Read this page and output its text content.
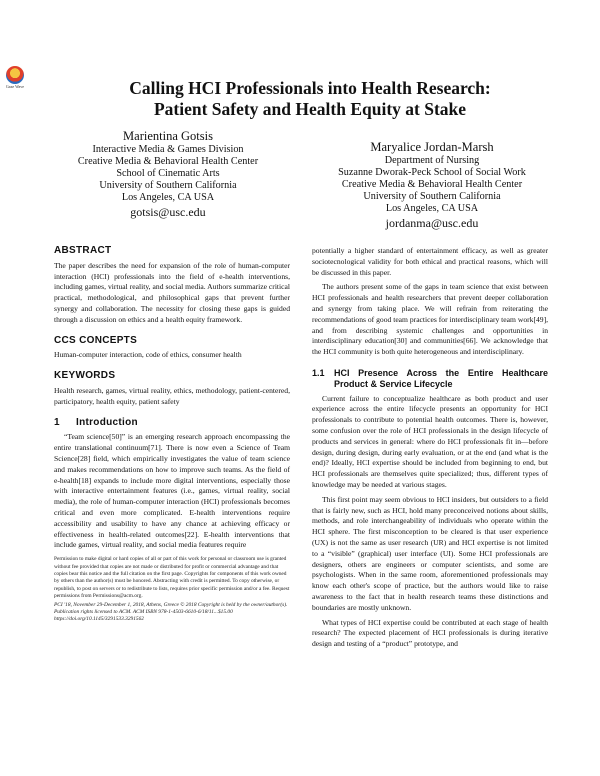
Gaze Wave	Calling HCI Professionals into Health Research:
Patient Safety and Health Equity at Stake
Marientina Gotsis
Interactive Media & Games Division
Creative Media & Behavioral Health Center
School of Cinematic Arts
University of Southern California
Los Angeles, CA USA
gotsis@usc.edu
Maryalice Jordan-Marsh
Department of Nursing
Suzanne Dworak-Peck School of Social Work
Creative Media & Behavioral Health Center
University of Southern California
Los Angeles, CA USA
jordanma@usc.edu
ABSTRACT

The paper describes the need for expansion of the role of human-computer interaction (HCI) professionals into the field of e-health interventions, including games, virtual reality, and social media. Authors summarize critical practical, methodological, and philosophical gaps that prevent further synergy and collaboration. The necessity for closing these gaps is guided through a discussion on ethics and a health equity framework.

CCS CONCEPTS

Human-computer interaction, code of ethics, consumer health

KEYWORDS

Health research, games, virtual reality, ethics, methodology, patient-centered, participatory, health equity, patient safety

1	Introduction

“Team science[50]” is an emerging research approach encompassing the entire translational continuum[71]. There is now even a Science of Team Science[28] field, which empirically investigates the value of team science and makes recommendations on how to improve such teams. As the field of e-health[18] expands to include more digital interventions, especially those with interactive entertainment features (i.e., games, virtual reality, social media), the role of human-computer interaction (HCI) professionals becomes critical and even more complicated. E-health interventions require accessibility and usability to have any chance at achieving efficacy or effectiveness in health-related outcomes[22]. E-health interventions that include games, virtual reality, and social media features require

Permission to make digital or hard copies of all or part of this work for personal or classroom use is granted without fee provided that copies are not made or distributed for profit or commercial advantage and that copies bear this notice and the full citation on the first page. Copyrights for components of this work owned by others than the author(s) must be honored. Abstracting with credit is permitted. To copy otherwise, or republish, to post on servers or to redistribute to lists, requires prior specific permission and/or a fee. Request permissions from Permissions@acm.org.

PCI '18, November 29-December 1, 2018, Athens, Greece © 2018 Copyright is held by the owner/author(s). Publication rights licensed to ACM. ACM ISBN 978-1-4503-6610-6/18/11...$15.00 https://doi.org/10.1145/3291533.3291562

potentially a higher standard of entertainment efficacy, as well as greater sociotecnological validity for both ethical and practical reasons, which will be discussed in this paper.

The authors present some of the gaps in team science that exist between HCI professionals and health researchers that prevent deeper collaboration and synergy from taking place. We will refrain from reiterating the recommendations of good team practices for interdisciplinary team work[49], and from describing systemic challenges and opportunities in interdisciplinary education[30] and communities[66]. We acknowledge that the HCI community is both quite heterogeneous and interdisciplinary.

1.1	HCI Presence Across the Entire Healthcare Product & Service Lifecycle

Current failure to conceptualize healthcare as both product and user experience across the entire lifecycle presents an opportunity for HCI professionals to contribute to potential health outcomes. There is, however, some confusion over the role of HCI professionals in the design lifecycle of products and services in general: where do HCI professionals fit in—before design, during design, during early evaluation, or at the end (and what is the end)? Ideally, HCI expertise should be included from beginning to end, but HCI professionals are themselves quite specialized; thus, different types of knowledge may be needed at various stages.

This first point may seem obvious to HCI insiders, but outsiders to a field that is fairly new, such as HCI, hold many preconceived notions about skills, methods, and role interchangeability of individuals who operate within the HCI sphere. The first misconception to be cleared is that user experience (UX) is not the same as user research (UR) and HCI expertise is not limited to a “visible” (graphical) user interface (UI). Some HCI professionals are designers, others are engineers or computer scientists, and some are psychologists. When in the same room, aforementioned professionals may know each other's scope of practice, but the authors would like to raise awareness to the fact that in health research teams these distinctions and boundaries are mostly unknown.

What types of HCI expertise could be contributed at each stage of health research? The expected placement of HCI professionals is during iterative design and testing of a “product” prototype, and
